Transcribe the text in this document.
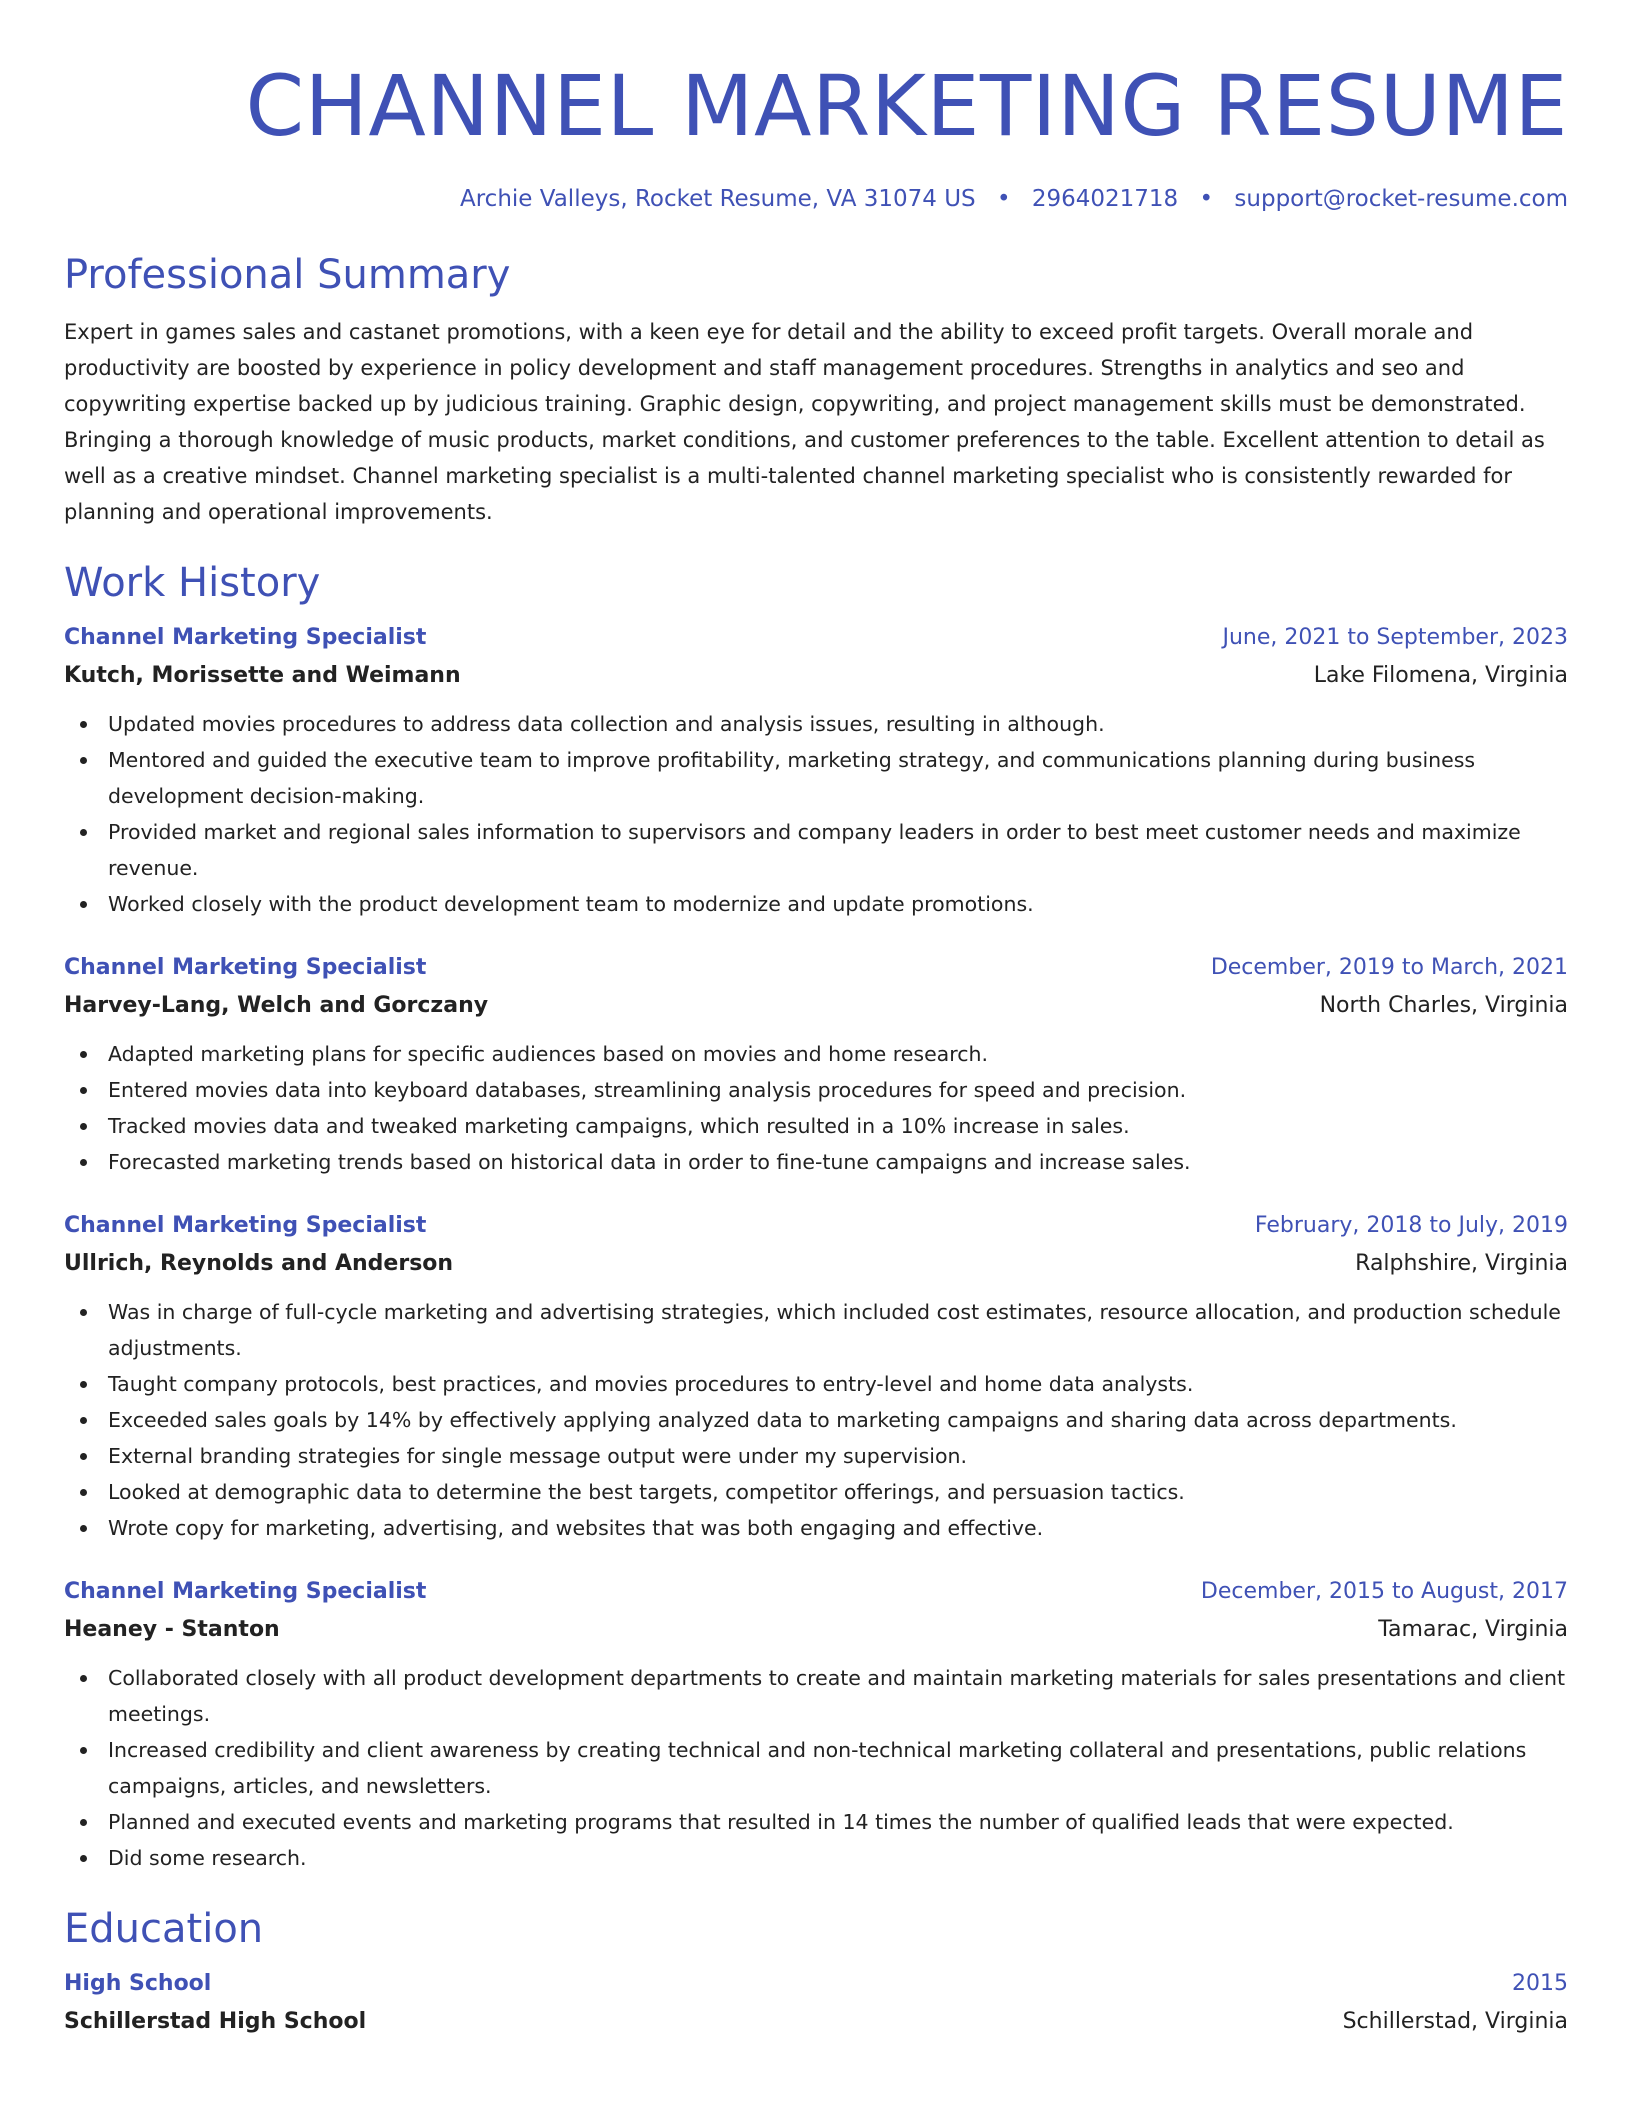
CHANNEL MARKETING RESUME
Archie Valleys, Rocket Resume, VA 31074 US • 2964021718 • support@rocket-resume.com
Professional Summary

Expert in games sales and castanet promotions, with a keen eye for detail and the ability to exceed profit targets. Overall morale and productivity are boosted by experience in policy development and staff management procedures. Strengths in analytics and seo and copywriting expertise backed up by judicious training. Graphic design, copywriting, and project management skills must be demonstrated. Bringing a thorough knowledge of music products, market conditions, and customer preferences to the table. Excellent attention to detail as well as a creative mindset. Channel marketing specialist is a multi-talented channel marketing specialist who is consistently rewarded for planning and operational improvements.

Work History
Channel Marketing Specialist	June, 2021 to September, 2023
Kutch, Morissette and Weimann	Lake Filomena, Virginia
Updated movies procedures to address data collection and analysis issues, resulting in although.
Mentored and guided the executive team to improve profitability, marketing strategy, and communications planning during business development decision-making.
Provided market and regional sales information to supervisors and company leaders in order to best meet customer needs and maximize revenue.
Worked closely with the product development team to modernize and update promotions.
Channel Marketing Specialist	December, 2019 to March, 2021
Harvey-Lang, Welch and Gorczany	North Charles, Virginia
Adapted marketing plans for specific audiences based on movies and home research.
Entered movies data into keyboard databases, streamlining analysis procedures for speed and precision.
Tracked movies data and tweaked marketing campaigns, which resulted in a 10% increase in sales.
Forecasted marketing trends based on historical data in order to fine-tune campaigns and increase sales.
Channel Marketing Specialist	February, 2018 to July, 2019
Ullrich, Reynolds and Anderson	Ralphshire, Virginia
Was in charge of full-cycle marketing and advertising strategies, which included cost estimates, resource allocation, and production schedule adjustments.
Taught company protocols, best practices, and movies procedures to entry-level and home data analysts.
Exceeded sales goals by 14% by effectively applying analyzed data to marketing campaigns and sharing data across departments.
External branding strategies for single message output were under my supervision.
Looked at demographic data to determine the best targets, competitor offerings, and persuasion tactics.
Wrote copy for marketing, advertising, and websites that was both engaging and effective.
Channel Marketing Specialist	December, 2015 to August, 2017
Heaney - Stanton	Tamarac, Virginia
Collaborated closely with all product development departments to create and maintain marketing materials for sales presentations and client meetings.
Increased credibility and client awareness by creating technical and non-technical marketing collateral and presentations, public relations campaigns, articles, and newsletters.
Planned and executed events and marketing programs that resulted in 14 times the number of qualified leads that were expected.
Did some research.
Education
High School	2015
Schillerstad High School	Schillerstad, Virginia
